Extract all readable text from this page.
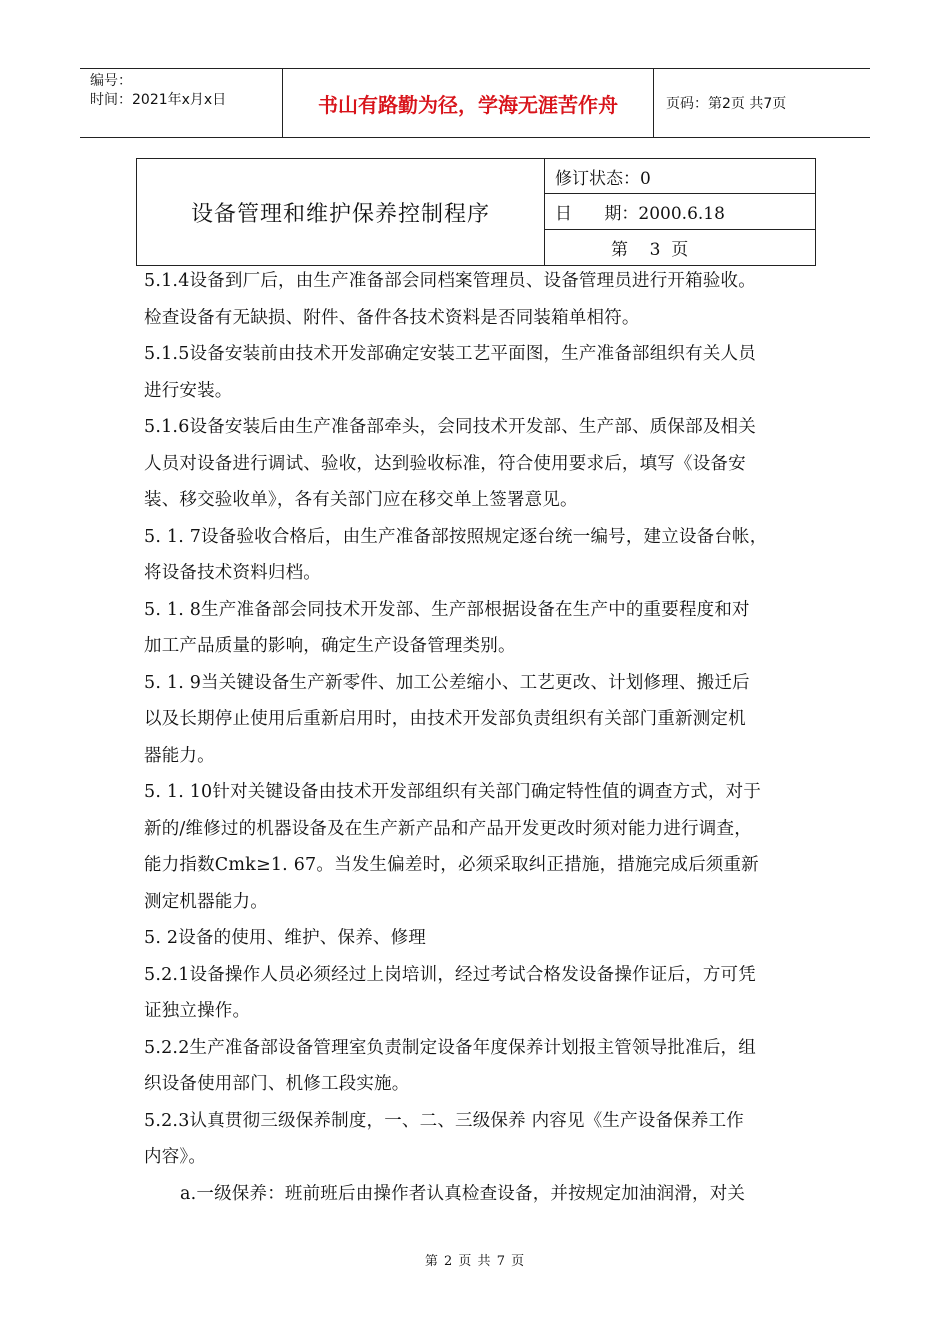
编号：
时间：2021年x月x日	书山有路勤为径，学海无涯苦作舟	页码：第2页 共7页
设备管理和维护保养控制程序
修订状态：0
日      期：2000.6.18
第    3  页

5.1.4设备到厂后，由生产准备部会同档案管理员、设备管理员进行开箱验收。

检查设备有无缺损、附件、备件各技术资料是否同装箱单相符。

5.1.5设备安装前由技术开发部确定安装工艺平面图，生产准备部组织有关人员

进行安装。

5.1.6设备安装后由生产准备部牵头，会同技术开发部、生产部、质保部及相关

人员对设备进行调试、验收，达到验收标准，符合使用要求后，填写《设备安

装、移交验收单》，各有关部门应在移交单上签署意见。

5. 1. 7设备验收合格后，由生产准备部按照规定逐台统一编号，建立设备台帐，

将设备技术资料归档。

5. 1. 8生产准备部会同技术开发部、生产部根据设备在生产中的重要程度和对

加工产品质量的影响，确定生产设备管理类别。

5. 1. 9当关键设备生产新零件、加工公差缩小、工艺更改、计划修理、搬迁后

以及长期停止使用后重新启用时，由技术开发部负责组织有关部门重新测定机

器能力。

5. 1. 10针对关键设备由技术开发部组织有关部门确定特性值的调查方式，对于

新的/维修过的机器设备及在生产新产品和产品开发更改时须对能力进行调查，

能力指数Cmk≥1. 67。当发生偏差时，必须采取纠正措施，措施完成后须重新

测定机器能力。

5. 2设备的使用、维护、保养、修理

5.2.1设备操作人员必须经过上岗培训，经过考试合格发设备操作证后，方可凭

证独立操作。

5.2.2生产准备部设备管理室负责制定设备年度保养计划报主管领导批准后，组

织设备使用部门、机修工段实施。

5.2.3认真贯彻三级保养制度，一、二、三级保养 内容见《生产设备保养工作

内容》。

a.一级保养：班前班后由操作者认真检查设备，并按规定加油润滑，对关

第 2 页 共 7 页
